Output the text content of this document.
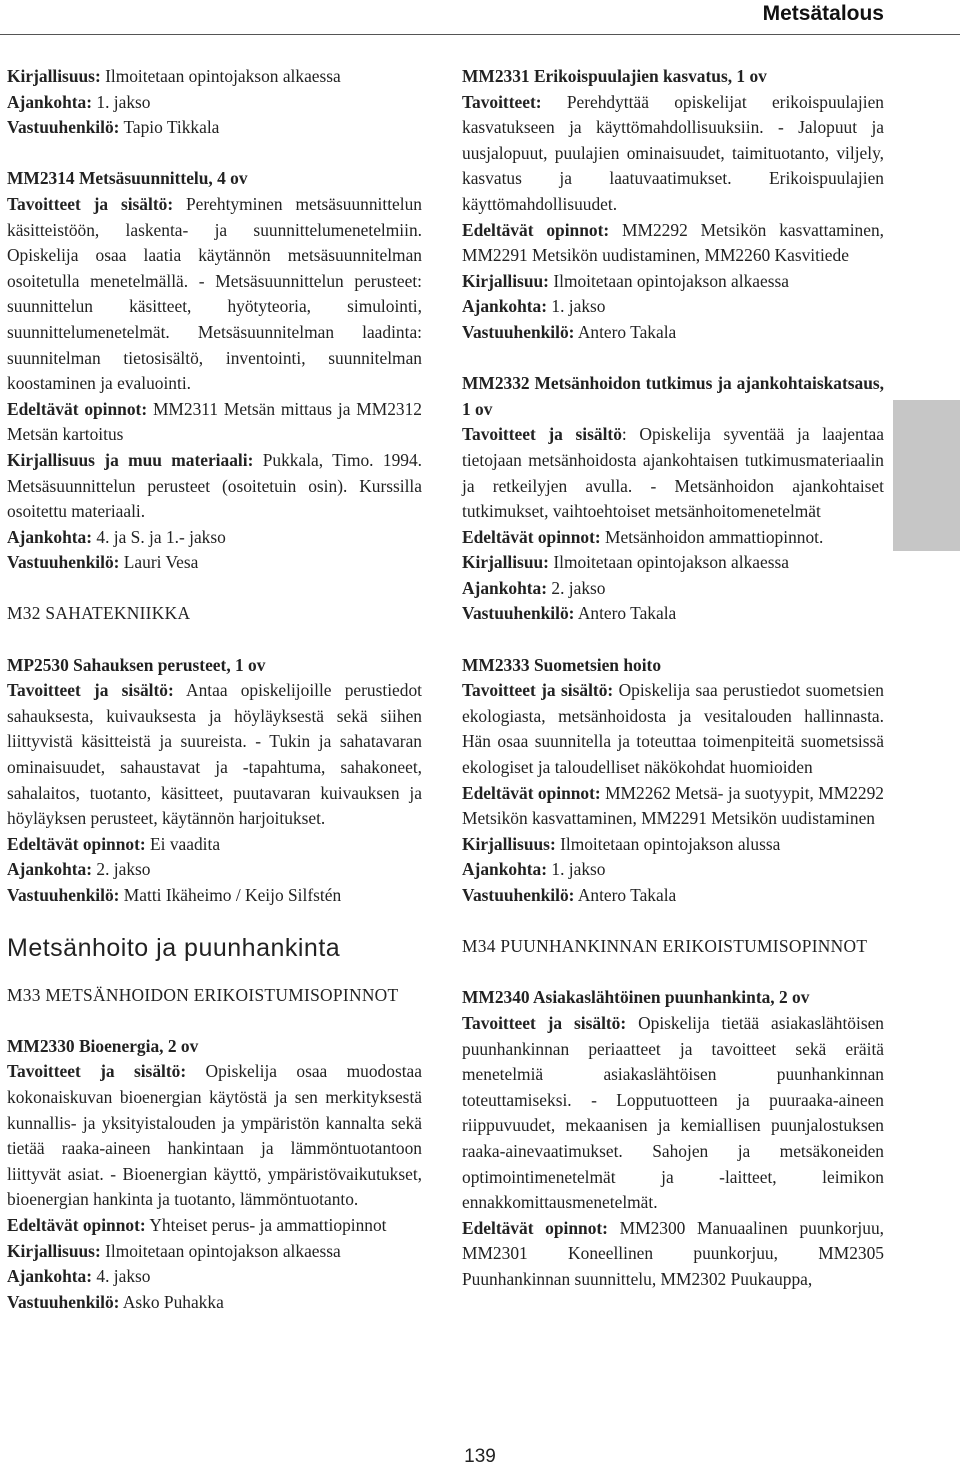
Metsätalous

Kirjallisuus: Ilmoitetaan opintojakson alkaessa

Ajankohta: 1. jakso

Vastuuhenkilö: Tapio Tikkala

MM2314 Metsäsuunnittelu, 4 ov

Tavoitteet ja sisältö: Perehtyminen metsäsuunnittelun käsitteistöön, laskenta- ja suunnittelumenetelmiin. Opiskelija osaa laatia käytännön metsäsuunnitelman osoitetulla menetelmällä. - Metsäsuunnittelun perusteet: suunnittelun käsitteet, hyötyteoria, simulointi, suunnittelumenetelmät. Metsäsuunnitelman laadinta: suunnitelman tietosisältö, inventointi, suunnitelman koostaminen ja evaluointi.

Edeltävät opinnot: MM2311 Metsän mittaus ja MM2312 Metsän kartoitus

Kirjallisuus ja muu materiaali: Pukkala, Timo. 1994. Metsäsuunnittelun perusteet (osoitetuin osin). Kurssilla osoitettu materiaali.

Ajankohta: 4. ja S. ja 1.- jakso

Vastuuhenkilö: Lauri Vesa

M32 SAHATEKNIIKKA

MP2530 Sahauksen perusteet, 1 ov

Tavoitteet ja sisältö: Antaa opiskelijoille perustiedot sahauksesta, kuivauksesta ja höyläyksestä sekä siihen liittyvistä käsitteistä ja suureista. - Tukin ja sahatavaran ominaisuudet, sahaustavat ja -tapahtuma, sahakoneet, sahalaitos, tuotanto, käsitteet, puutavaran kuivauksen ja höyläyksen perusteet, käytännön harjoitukset.

Edeltävät opinnot: Ei vaadita

Ajankohta: 2. jakso

Vastuuhenkilö: Matti Ikäheimo / Keijo Silfstén

Metsänhoito ja puunhankinta

M33 METSÄNHOIDON ERIKOISTUMISOPINNOT

MM2330 Bioenergia, 2 ov

Tavoitteet ja sisältö: Opiskelija osaa muodostaa kokonaiskuvan bioenergian käytöstä ja sen merkityksestä kunnallis- ja yksityistalouden ja ympäristön kannalta sekä tietää raaka-aineen hankintaan ja lämmöntuotantoon liittyvät asiat. - Bioenergian käyttö, ympäristövaikutukset, bioenergian hankinta ja tuotanto, lämmöntuotanto.

Edeltävät opinnot: Yhteiset perus- ja ammattiopinnot

Kirjallisuus: Ilmoitetaan opintojakson alkaessa

Ajankohta: 4. jakso

Vastuuhenkilö: Asko Puhakka

MM2331 Erikoispuulajien kasvatus, 1 ov

Tavoitteet: Perehdyttää opiskelijat erikoispuulajien kasvatukseen ja käyttömahdollisuuksiin. - Jalopuut ja uusjalopuut, puulajien ominaisuudet, taimituotanto, viljely, kasvatus ja laatuvaatimukset. Erikoispuulajien käyttömahdollisuudet.

Edeltävät opinnot: MM2292 Metsikön kasvattaminen, MM2291 Metsikön uudistaminen, MM2260 Kasvitiede

Kirjallisuu: Ilmoitetaan opintojakson alkaessa

Ajankohta: 1. jakso

Vastuuhenkilö: Antero Takala

MM2332 Metsänhoidon tutkimus ja ajankohtaiskatsaus, 1 ov

Tavoitteet ja sisältö: Opiskelija syventää ja laajentaa tietojaan metsänhoidosta ajankohtaisen tutkimusmateriaalin ja retkeilyjen avulla. - Metsänhoidon ajankohtaiset tutkimukset, vaihtoehtoiset metsänhoitomenetelmät

Edeltävät opinnot: Metsänhoidon ammattiopinnot.

Kirjallisuu: Ilmoitetaan opintojakson alkaessa

Ajankohta: 2. jakso

Vastuuhenkilö: Antero Takala

MM2333 Suometsien hoito

Tavoitteet ja sisältö: Opiskelija saa perustiedot suometsien ekologiasta, metsänhoidosta ja vesitalouden hallinnasta. Hän osaa suunnitella ja toteuttaa toimenpiteitä suometsissä ekologiset ja taloudelliset näkökohdat huomioiden

Edeltävät opinnot: MM2262 Metsä- ja suotyypit, MM2292 Metsikön kasvattaminen, MM2291 Metsikön uudistaminen

Kirjallisuus: Ilmoitetaan opintojakson alussa

Ajankohta: 1. jakso

Vastuuhenkilö: Antero Takala

M34 PUUNHANKINNAN ERIKOISTUMISOPINNOT

MM2340 Asiakaslähtöinen puunhankinta, 2 ov

Tavoitteet ja sisältö: Opiskelija tietää asiakaslähtöisen puunhankinnan periaatteet ja tavoitteet sekä eräitä menetelmiä asiakaslähtöisen puunhankinnan toteuttamiseksi. - Lopputuotteen ja puuraaka-aineen riippuvuudet, mekaanisen ja kemiallisen puunjalostuksen raaka-ainevaatimukset. Sahojen ja metsäkoneiden optimointimenetelmät ja -laitteet, leimikon ennakkomittausmenetelmät.

Edeltävät opinnot: MM2300 Manuaalinen puunkorjuu, MM2301 Koneellinen puunkorjuu, MM2305 Puunhankinnan suunnittelu, MM2302 Puukauppa,

139
